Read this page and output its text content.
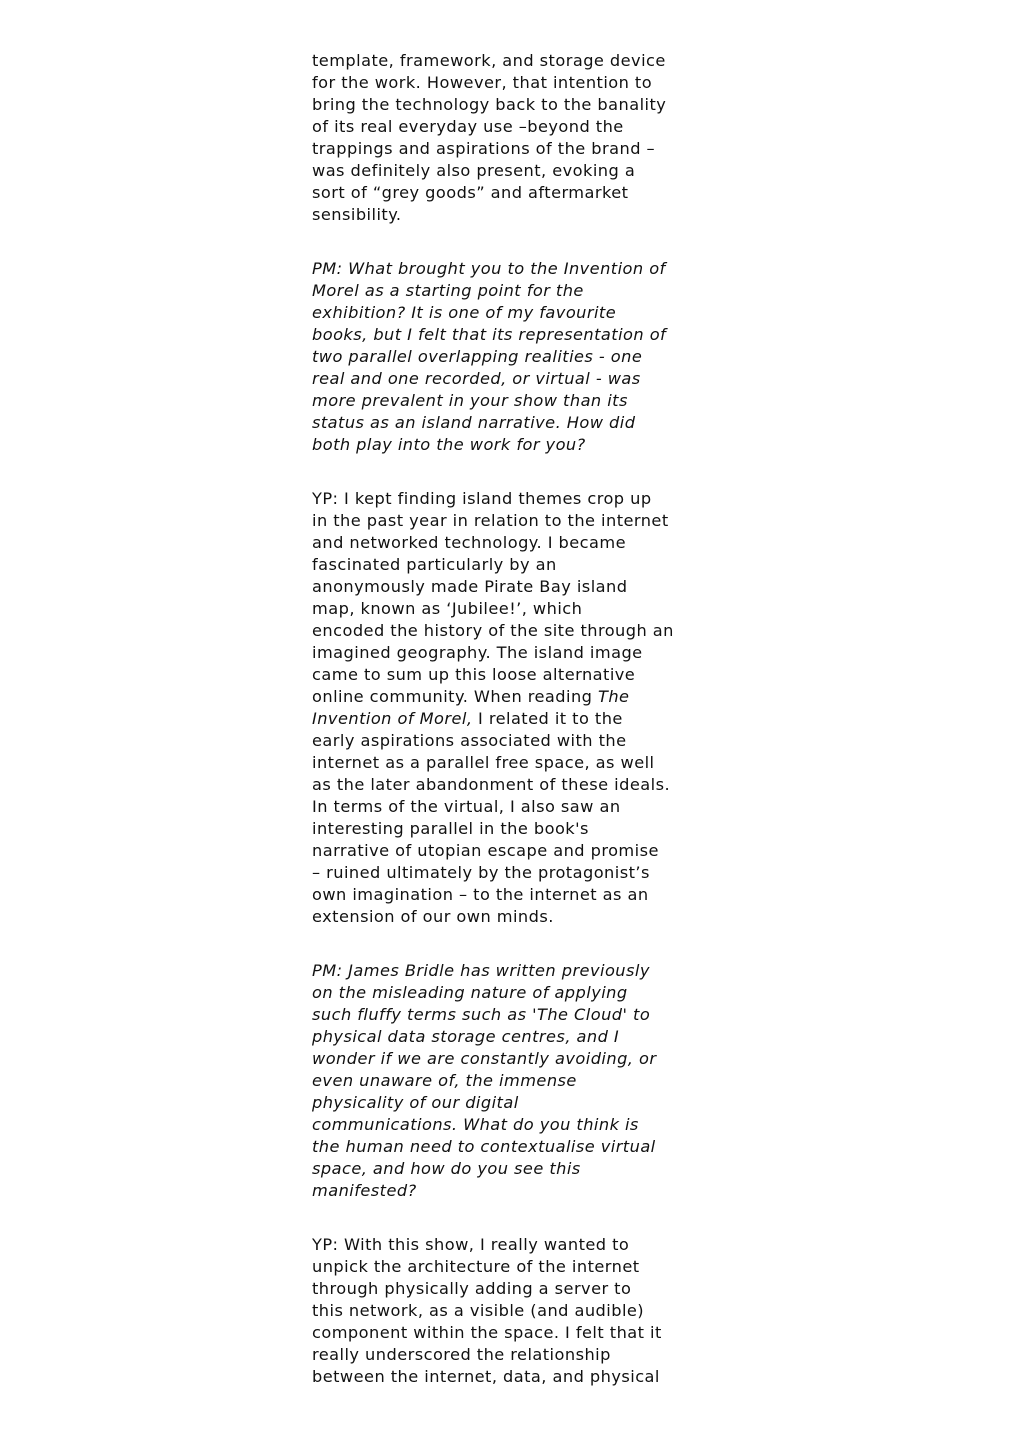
template, framework, and storage device
for the work. However, that intention to
bring the technology back to the banality
of its real everyday use –beyond the
trappings and aspirations of the brand –
was definitely also present, evoking a
sort of “grey goods” and aftermarket
sensibility.

PM: What brought you to the Invention of
Morel as a starting point for the
exhibition? It is one of my favourite
books, but I felt that its representation of
two parallel overlapping realities - one
real and one recorded, or virtual - was
more prevalent in your show than its
status as an island narrative. How did
both play into the work for you?

YP: I kept finding island themes crop up
in the past year in relation to the internet
and networked technology. I became
fascinated particularly by an
anonymously made Pirate Bay island
map, known as ‘Jubilee!’, which
encoded the history of the site through an
imagined geography. The island image
came to sum up this loose alternative
online community. When reading The
Invention of Morel, I related it to the
early aspirations associated with the
internet as a parallel free space, as well
as the later abandonment of these ideals.
In terms of the virtual, I also saw an
interesting parallel in the book's
narrative of utopian escape and promise
– ruined ultimately by the protagonist’s
own imagination – to the internet as an
extension of our own minds.

PM: James Bridle has written previously
on the misleading nature of applying
such fluffy terms such as 'The Cloud' to
physical data storage centres, and I
wonder if we are constantly avoiding, or
even unaware of, the immense
physicality of our digital
communications. What do you think is
the human need to contextualise virtual
space, and how do you see this
manifested?

YP: With this show, I really wanted to
unpick the architecture of the internet
through physically adding a server to
this network, as a visible (and audible)
component within the space. I felt that it
really underscored the relationship
between the internet, data, and physical
